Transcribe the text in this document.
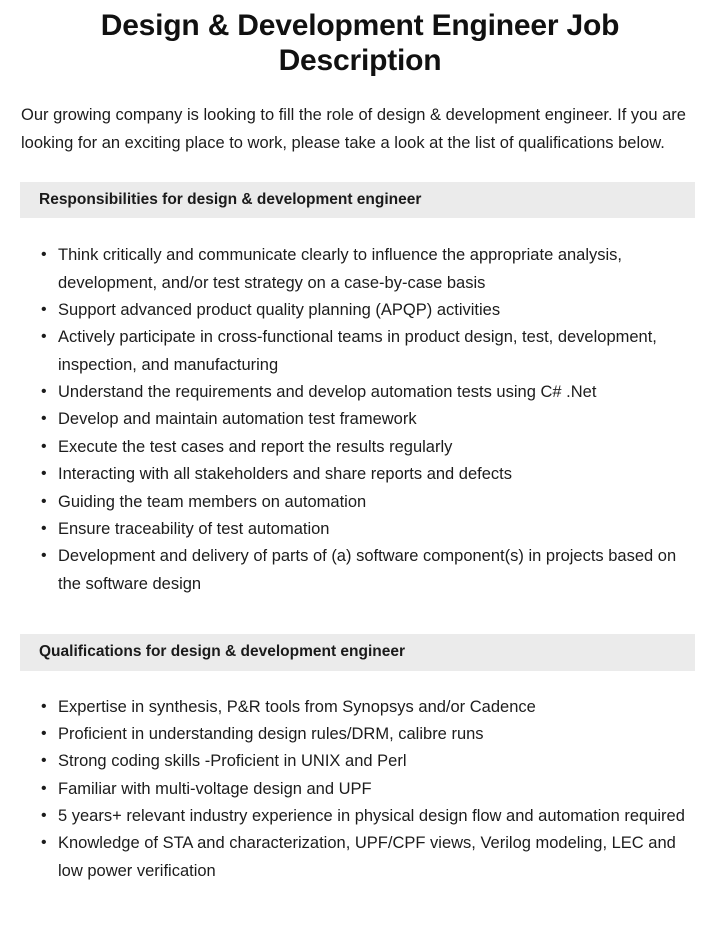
Design & Development Engineer Job Description

Our growing company is looking to fill the role of design & development engineer. If you are looking for an exciting place to work, please take a look at the list of qualifications below.

Responsibilities for design & development engineer
• Think critically and communicate clearly to influence the appropriate analysis, development, and/or test strategy on a case-by-case basis
• Support advanced product quality planning (APQP) activities
• Actively participate in cross-functional teams in product design, test, development, inspection, and manufacturing
• Understand the requirements and develop automation tests using C# .Net
• Develop and maintain automation test framework
• Execute the test cases and report the results regularly
• Interacting with all stakeholders and share reports and defects
• Guiding the team members on automation
• Ensure traceability of test automation
• Development and delivery of parts of (a) software component(s) in projects based on the software design
Qualifications for design & development engineer
• Expertise in synthesis, P&R tools from Synopsys and/or Cadence
• Proficient in understanding design rules/DRM, calibre runs
• Strong coding skills -Proficient in UNIX and Perl
• Familiar with multi-voltage design and UPF
• 5 years+ relevant industry experience in physical design flow and automation required
• Knowledge of STA and characterization, UPF/CPF views, Verilog modeling, LEC and low power verification
